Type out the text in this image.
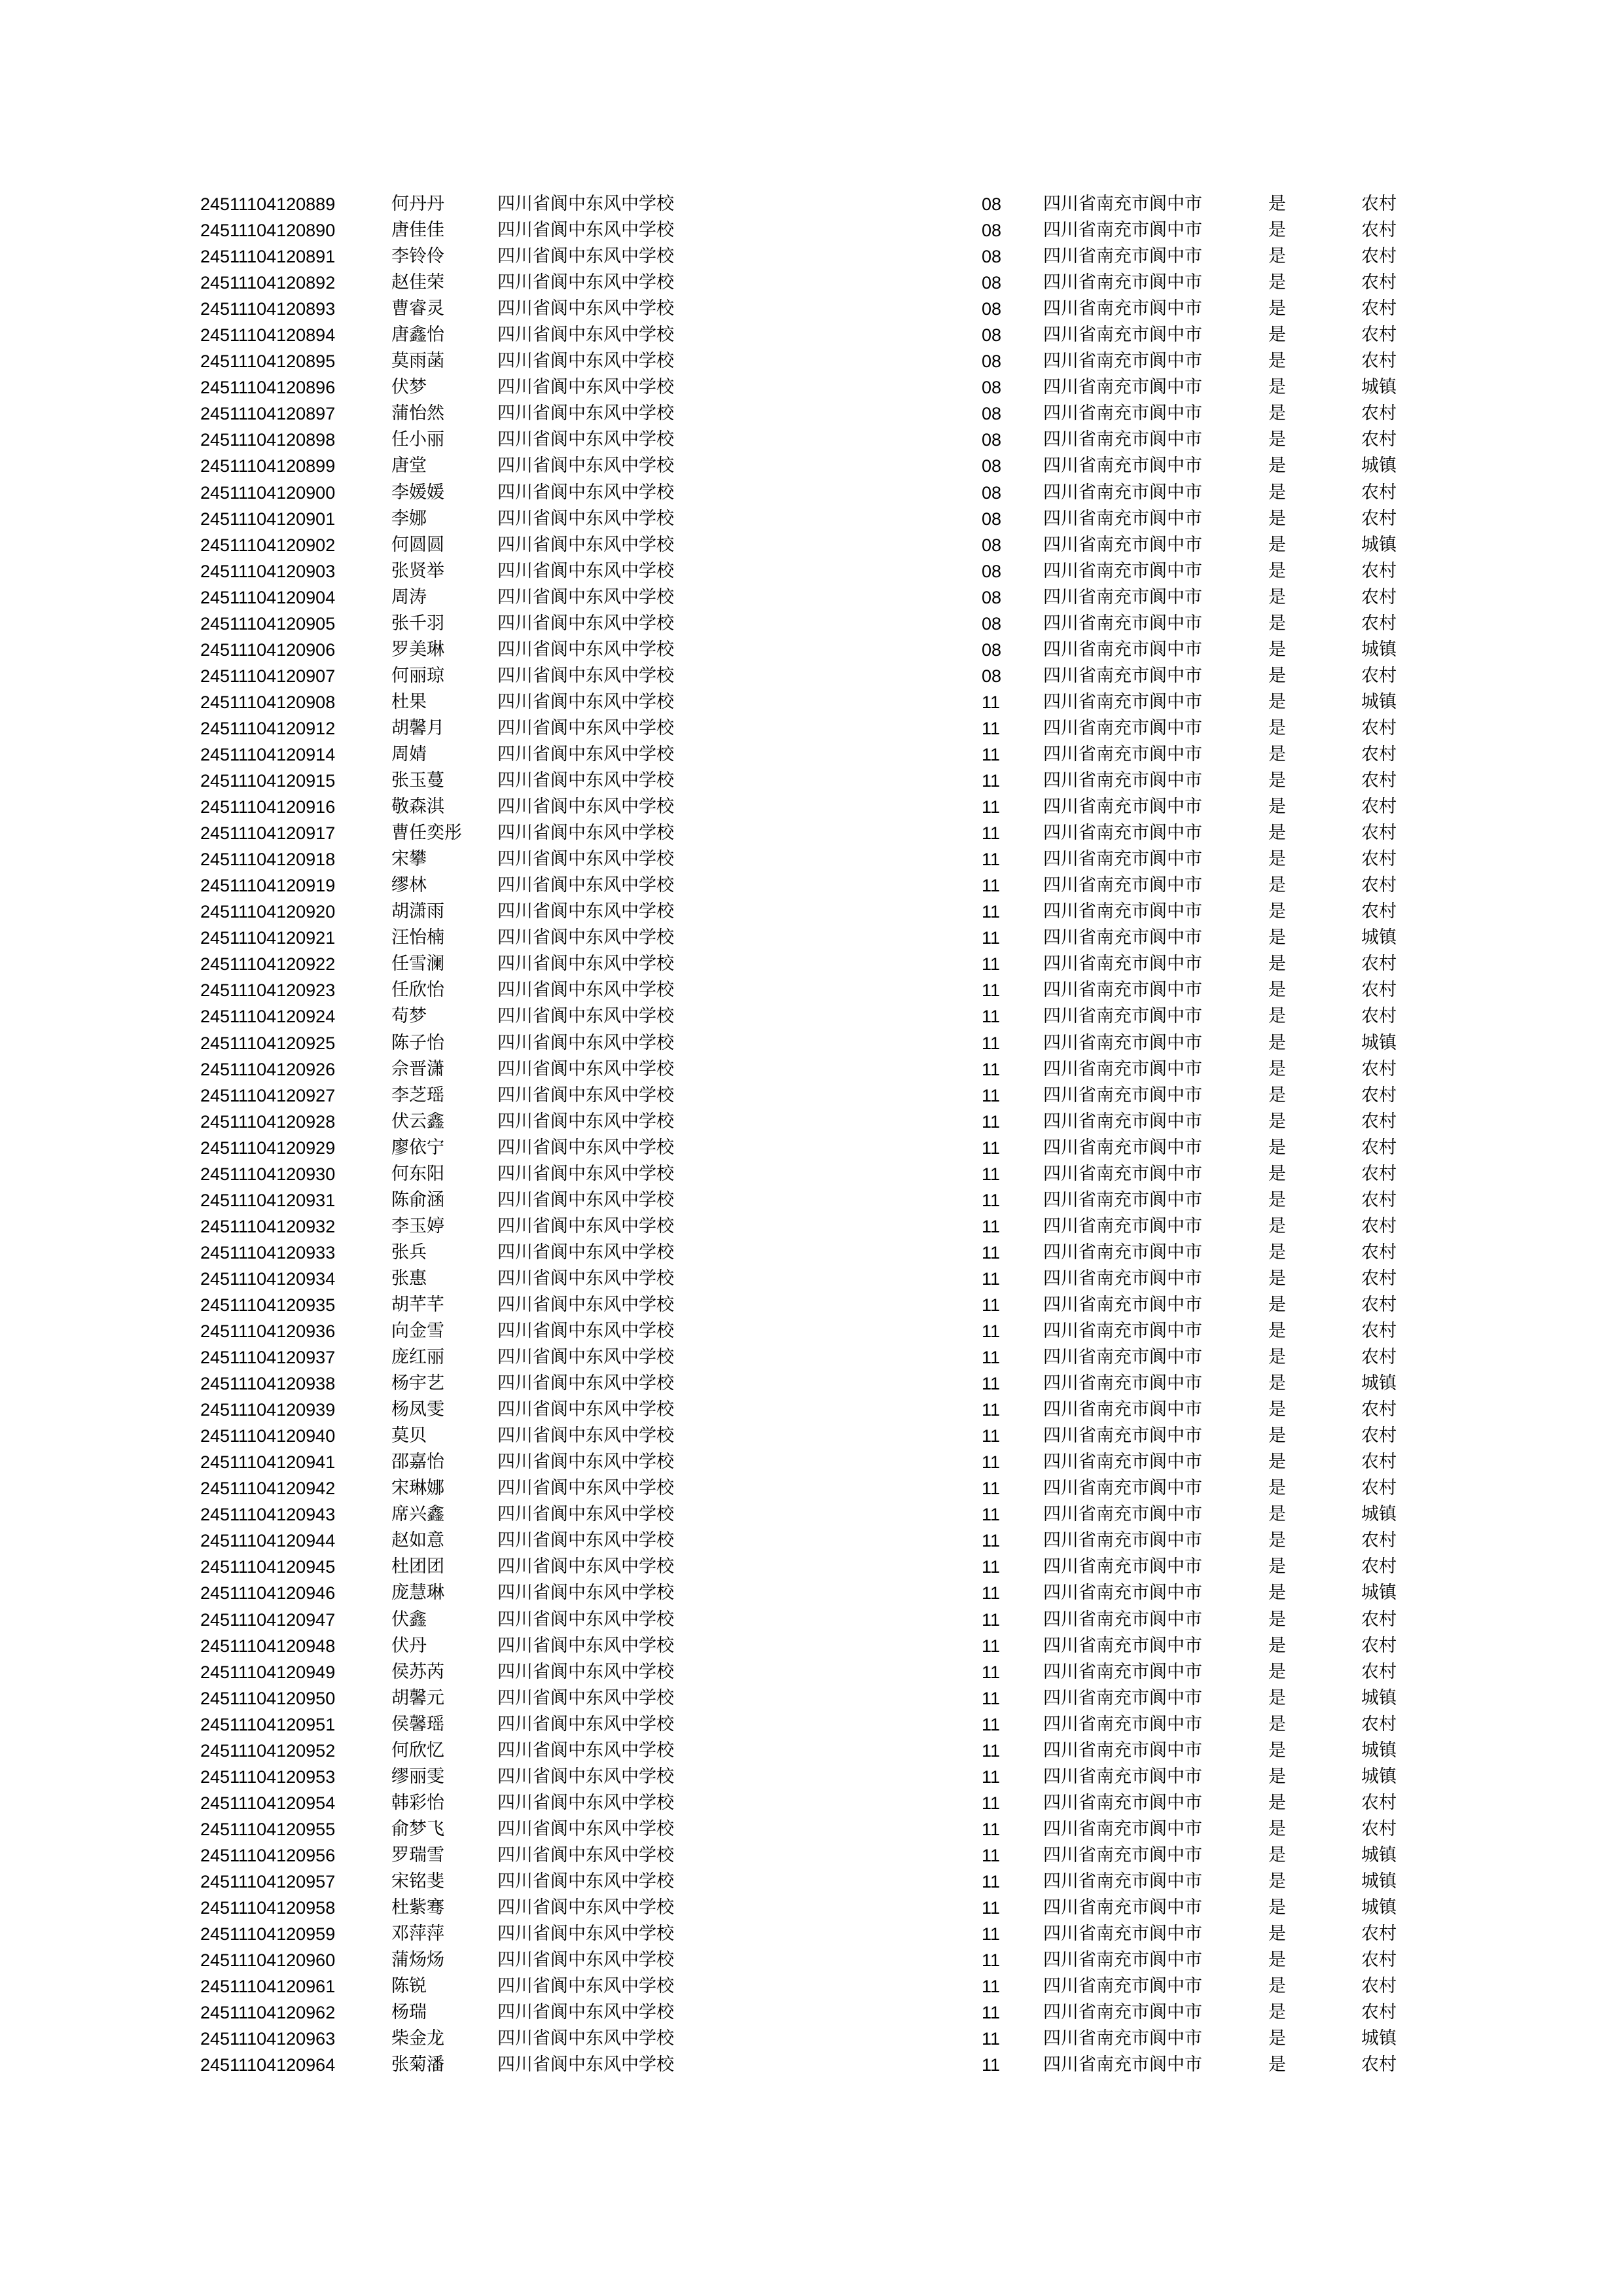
24511104120889	何丹丹	四川省阆中东风中学校	08 四川省南充市阆中市	是	农村
24511104120890	唐佳佳	四川省阆中东风中学校	08 四川省南充市阆中市	是	农村
24511104120891	李铃伶	四川省阆中东风中学校	08 四川省南充市阆中市	是	农村
24511104120892	赵佳荣	四川省阆中东风中学校	08 四川省南充市阆中市	是	农村
24511104120893	曹睿灵	四川省阆中东风中学校	08 四川省南充市阆中市	是	农村
24511104120894	唐鑫怡	四川省阆中东风中学校	08 四川省南充市阆中市	是	农村
24511104120895	莫雨菡	四川省阆中东风中学校	08 四川省南充市阆中市	是	农村
24511104120896	伏梦	四川省阆中东风中学校	08 四川省南充市阆中市	是	城镇
24511104120897	蒲怡然	四川省阆中东风中学校	08 四川省南充市阆中市	是	农村
24511104120898	任小丽	四川省阆中东风中学校	08 四川省南充市阆中市	是	农村
24511104120899	唐堂	四川省阆中东风中学校	08 四川省南充市阆中市	是	城镇
24511104120900	李媛媛	四川省阆中东风中学校	08 四川省南充市阆中市	是	农村
24511104120901	李娜	四川省阆中东风中学校	08 四川省南充市阆中市	是	农村
24511104120902	何圆圆	四川省阆中东风中学校	08 四川省南充市阆中市	是	城镇
24511104120903	张贤举	四川省阆中东风中学校	08 四川省南充市阆中市	是	农村
24511104120904	周涛	四川省阆中东风中学校	08 四川省南充市阆中市	是	农村
24511104120905	张千羽	四川省阆中东风中学校	08 四川省南充市阆中市	是	农村
24511104120906	罗美琳	四川省阆中东风中学校	08 四川省南充市阆中市	是	城镇
24511104120907	何丽琼	四川省阆中东风中学校	08 四川省南充市阆中市	是	农村
24511104120908	杜果	四川省阆中东风中学校	11 四川省南充市阆中市	是	城镇
24511104120912	胡馨月	四川省阆中东风中学校	11 四川省南充市阆中市	是	农村
24511104120914	周婧	四川省阆中东风中学校	11 四川省南充市阆中市	是	农村
24511104120915	张玉蔓	四川省阆中东风中学校	11 四川省南充市阆中市	是	农村
24511104120916	敬森淇	四川省阆中东风中学校	11 四川省南充市阆中市	是	农村
24511104120917	曹任奕彤 四川省阆中东风中学校	11 四川省南充市阆中市	是	农村
24511104120918	宋攀	四川省阆中东风中学校	11 四川省南充市阆中市	是	农村
24511104120919	缪林	四川省阆中东风中学校	11 四川省南充市阆中市	是	农村
24511104120920	胡潇雨	四川省阆中东风中学校	11 四川省南充市阆中市	是	农村
24511104120921	汪怡楠	四川省阆中东风中学校	11 四川省南充市阆中市	是	城镇
24511104120922	任雪澜	四川省阆中东风中学校	11 四川省南充市阆中市	是	农村
24511104120923	任欣怡	四川省阆中东风中学校	11 四川省南充市阆中市	是	农村
24511104120924	苟梦	四川省阆中东风中学校	11 四川省南充市阆中市	是	农村
24511104120925	陈子怡	四川省阆中东风中学校	11 四川省南充市阆中市	是	城镇
24511104120926	佘晋潇	四川省阆中东风中学校	11 四川省南充市阆中市	是	农村
24511104120927	李芝瑶	四川省阆中东风中学校	11 四川省南充市阆中市	是	农村
24511104120928	伏云鑫	四川省阆中东风中学校	11 四川省南充市阆中市	是	农村
24511104120929	廖依宁	四川省阆中东风中学校	11 四川省南充市阆中市	是	农村
24511104120930	何东阳	四川省阆中东风中学校	11 四川省南充市阆中市	是	农村
24511104120931	陈俞涵	四川省阆中东风中学校	11 四川省南充市阆中市	是	农村
24511104120932	李玉婷	四川省阆中东风中学校	11 四川省南充市阆中市	是	农村
24511104120933	张兵	四川省阆中东风中学校	11 四川省南充市阆中市	是	农村
24511104120934	张惠	四川省阆中东风中学校	11 四川省南充市阆中市	是	农村
24511104120935	胡芊芊	四川省阆中东风中学校	11 四川省南充市阆中市	是	农村
24511104120936	向金雪	四川省阆中东风中学校	11 四川省南充市阆中市	是	农村
24511104120937	庞红丽	四川省阆中东风中学校	11 四川省南充市阆中市	是	农村
24511104120938	杨宇艺	四川省阆中东风中学校	11 四川省南充市阆中市	是	城镇
24511104120939	杨凤雯	四川省阆中东风中学校	11 四川省南充市阆中市	是	农村
24511104120940	莫贝	四川省阆中东风中学校	11 四川省南充市阆中市	是	农村
24511104120941	邵嘉怡	四川省阆中东风中学校	11 四川省南充市阆中市	是	农村
24511104120942	宋琳娜	四川省阆中东风中学校	11 四川省南充市阆中市	是	农村
24511104120943	席兴鑫	四川省阆中东风中学校	11 四川省南充市阆中市	是	城镇
24511104120944	赵如意	四川省阆中东风中学校	11 四川省南充市阆中市	是	农村
24511104120945	杜团团	四川省阆中东风中学校	11 四川省南充市阆中市	是	农村
24511104120946	庞慧琳	四川省阆中东风中学校	11 四川省南充市阆中市	是	城镇
24511104120947	伏鑫	四川省阆中东风中学校	11 四川省南充市阆中市	是	农村
24511104120948	伏丹	四川省阆中东风中学校	11 四川省南充市阆中市	是	农村
24511104120949	侯苏芮	四川省阆中东风中学校	11 四川省南充市阆中市	是	农村
24511104120950	胡馨元	四川省阆中东风中学校	11 四川省南充市阆中市	是	城镇
24511104120951	侯馨瑶	四川省阆中东风中学校	11 四川省南充市阆中市	是	农村
24511104120952	何欣忆	四川省阆中东风中学校	11 四川省南充市阆中市	是	城镇
24511104120953	缪丽雯	四川省阆中东风中学校	11 四川省南充市阆中市	是	城镇
24511104120954	韩彩怡	四川省阆中东风中学校	11 四川省南充市阆中市	是	农村
24511104120955	俞梦飞	四川省阆中东风中学校	11 四川省南充市阆中市	是	农村
24511104120956	罗瑞雪	四川省阆中东风中学校	11 四川省南充市阆中市	是	城镇
24511104120957	宋铭斐	四川省阆中东风中学校	11 四川省南充市阆中市	是	城镇
24511104120958	杜紫骞	四川省阆中东风中学校	11 四川省南充市阆中市	是	城镇
24511104120959	邓萍萍	四川省阆中东风中学校	11 四川省南充市阆中市	是	农村
24511104120960	蒲炀炀	四川省阆中东风中学校	11 四川省南充市阆中市	是	农村
24511104120961	陈锐	四川省阆中东风中学校	11 四川省南充市阆中市	是	农村
24511104120962	杨瑞	四川省阆中东风中学校	11 四川省南充市阆中市	是	农村
24511104120963	柴金龙	四川省阆中东风中学校	11 四川省南充市阆中市	是	城镇
24511104120964	张菊潘	四川省阆中东风中学校	11 四川省南充市阆中市	是	农村
